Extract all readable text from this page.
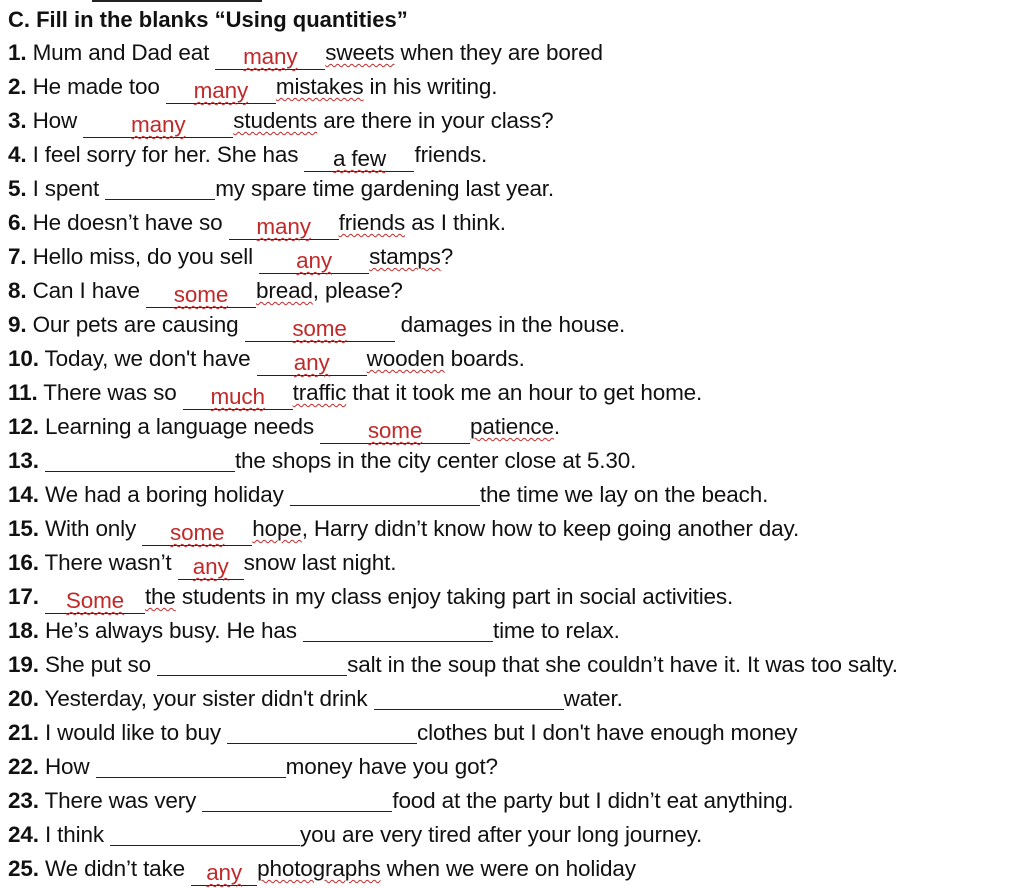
C. Fill in the blanks “Using quantities”
1. Mum and Dad eat many sweets when they are bored
2. He made too many mistakes in his writing.
3. How many students are there in your class?
4. I feel sorry for her. She has a few friends.
5. I spent	my spare time gardening last year.
6. He doesn’t have so many friends as I think.
7. Hello miss, do you sell any stamps?
8. Can I have some bread, please?
9. Our pets are causing some damages in the house.
10. Today, we don't have any wooden boards.
11. There was so much traffic that it took me an hour to get home.
12. Learning a language needs some patience.
13.	the shops in the city center close at 5.30.
14. We had a boring holiday	the time we lay on the beach.
15. With only some hope, Harry didn’t know how to keep going another day.
16. There wasn’t any snow last night.
17. Some the students in my class enjoy taking part in social activities.
18. He’s always busy. He has	time to relax.
19. She put so	salt in the soup that she couldn’t have it. It was too salty.
20. Yesterday, your sister didn't drink	water.
21. I would like to buy	clothes but I don't have enough money
22. How	money have you got?
23. There was very	food at the party but I didn’t eat anything.
24. I think	you are very tired after your long journey.
25. We didn’t take any photographs when we were on holiday
